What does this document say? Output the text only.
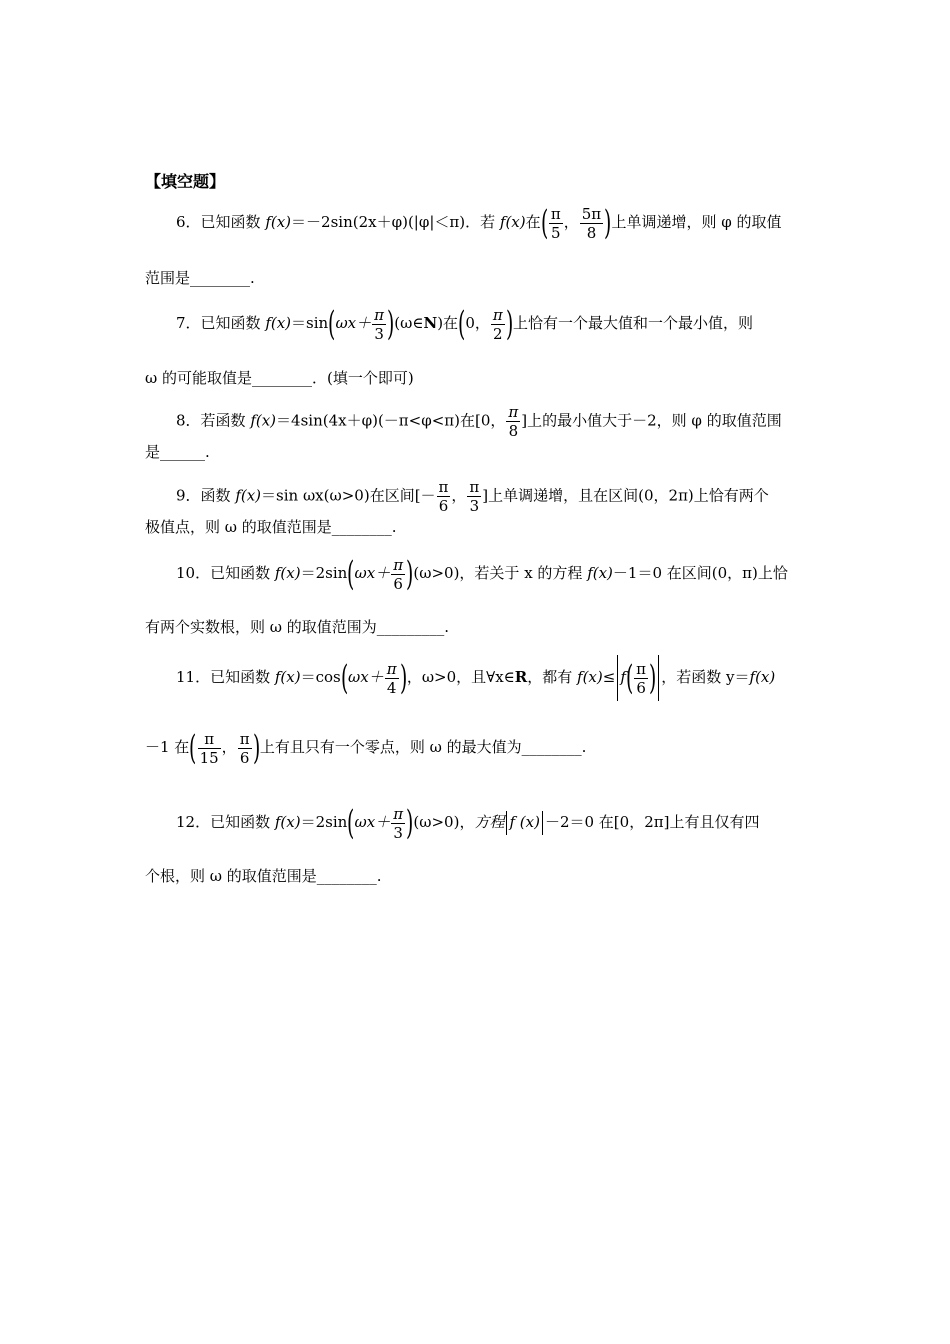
【填空题】
6．已知函数 f(x)＝－2sin(2x＋φ)(|φ|＜π)．若 f(x)在( $\frac{\pi}{5}$ ， $\frac{5\pi}{8}$ )上单调递增，则 φ 的取值
范围是________.
7．已知函数 $f(x)=\sin(\omega x+ \frac{\pi}{3}$ )(ω∈N)在(0， $\frac{\pi}{2}$ )上恰有一个最大值和一个最小值，则
ω 的可能取值是________．(填一个即可)
8．若函数 f(x)＝4sin(4x＋φ)(－π<φ<π)在[0， $\frac{\pi}{8}$ ]上的最小值大于－2，则 φ 的取值范围
是______.
9．函数 f(x)＝sin ωx(ω>0)在区间[－ $\frac{\pi}{6}$ ， $\frac{\pi}{3}$ ]上单调递增，且在区间(0，2π)上恰有两个
极值点，则 ω 的取值范围是________.
10．已知函数 $f(x)=2\sin(\omega x+ \frac{\pi}{6} )(\omega>0)$，若关于 x 的方程 f(x)－1＝0 在区间(0，π)上恰
有两个实数根，则 ω 的取值范围为_________.
11．已知函数 $f(x)=\cos(\omega x+ \frac{\pi}{4}$ )，ω>0，且∀x∈R，都有 $f(x)\le f( \frac{\pi}{6}$ ) ，若函数 y＝f(x)
－1 在( $\frac{\pi}{15}$ ， $\frac{\pi}{6}$ )上有且只有一个零点，则 ω 的最大值为________.
12．已知函数 $f(x)=2\sin(\omega x+ \frac{\pi}{3} )(\omega>0)$，方程 f (x) －2＝0 在[0，2π]上有且仅有四
个根，则 ω 的取值范围是________.
